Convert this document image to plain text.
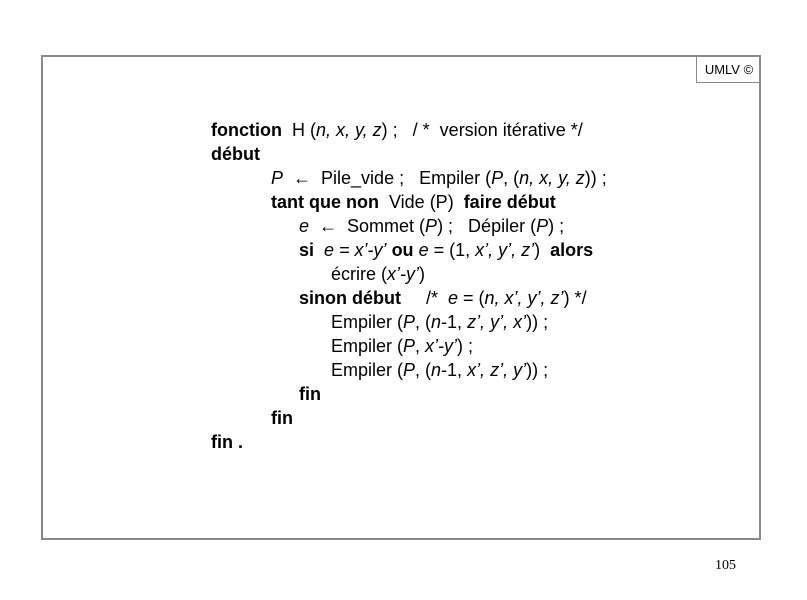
UMLV ©
fonction  H (n, x, y, z) ;   / *  version itérative */
début
P  ←  Pile_vide ;   Empiler (P, (n, x, y, z)) ;
tant que non  Vide (P)  faire début
e  ←  Sommet (P) ;   Dépiler (P) ;
si e = x’-y’ ou e = (1, x’, y’, z’)  alors
écrire (x’-y’)
sinon début     /*  e = (n, x’, y’, z’) */
Empiler (P, (n-1, z’, y’, x’)) ;
Empiler (P, x’-y’) ;
Empiler (P, (n-1, x’, z’, y’)) ;
fin
fin
fin .
105
